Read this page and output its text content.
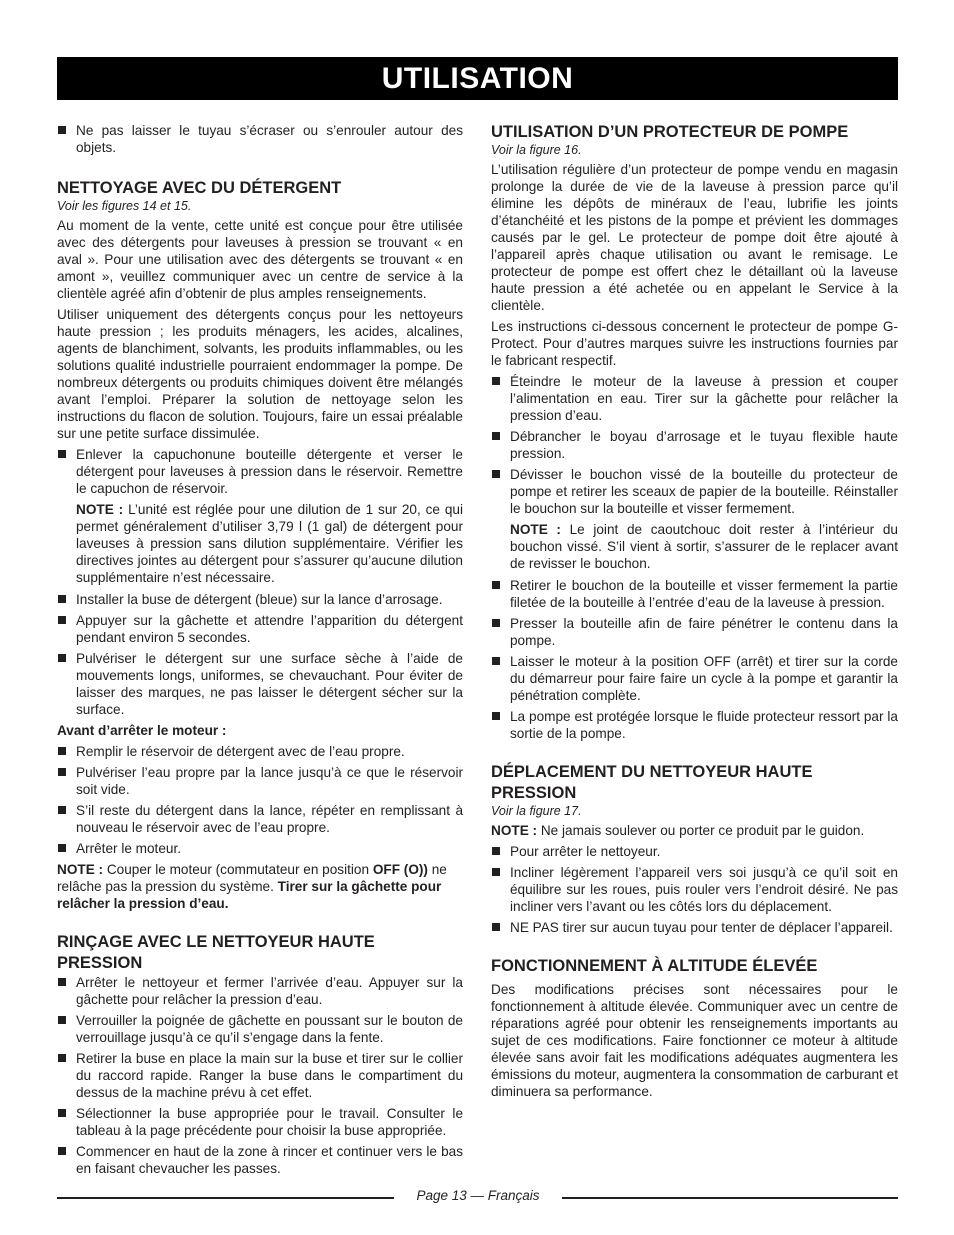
UTILISATION
Ne pas laisser le tuyau s’écraser ou s’enrouler autour des objets.
NETTOYAGE AVEC DU DÉTERGENT
Voir les figures 14 et 15.

Au moment de la vente, cette unité est conçue pour être utilisée avec des détergents pour laveuses à pression se trouvant « en aval ». Pour une utilisation avec des détergents se trouvant « en amont », veuillez communiquer avec un centre de service à la clientèle agréé afin d’obtenir de plus amples renseignements.

Utiliser uniquement des détergents conçus pour les nettoyeurs haute pression ; les produits ménagers, les acides, alcalines, agents de blanchiment, solvants, les produits inflammables, ou les solutions qualité industrielle pourraient endommager la pompe. De nombreux détergents ou produits chimiques doivent être mélangés avant l’emploi. Préparer la solution de nettoyage selon les instructions du flacon de solution. Toujours, faire un essai préalable sur une petite surface dissimulée.

Enlever la capuchonune bouteille détergente et verser le détergent pour laveuses à pression dans le réservoir. Remettre le capuchon de réservoir.

NOTE : L’unité est réglée pour une dilution de 1 sur 20, ce qui permet généralement d’utiliser 3,79 l (1 gal) de détergent pour laveuses à pression sans dilution supplémentaire. Vérifier les directives jointes au détergent pour s’assurer qu’aucune dilution supplémentaire n’est nécessaire.

Installer la buse de détergent (bleue) sur la lance d’arrosage.
Appuyer sur la gâchette et attendre l’apparition du détergent pendant environ 5 secondes.
Pulvériser le détergent sur une surface sèche à l’aide de mouvements longs, uniformes, se chevauchant. Pour éviter de laisser des marques, ne pas laisser le détergent sécher sur la surface.

Avant d’arrêter le moteur :

Remplir le réservoir de détergent avec de l’eau propre.
Pulvériser l’eau propre par la lance jusqu’à ce que le réservoir soit vide.
S’il reste du détergent dans la lance, répéter en remplissant à nouveau le réservoir avec de l’eau propre.
Arrêter le moteur.

NOTE : Couper le moteur (commutateur en position OFF (O)) ne relâche pas la pression du système. Tirer sur la gâchette pour relâcher la pression d’eau.

RINÇAGE AVEC LE NETTOYEUR HAUTE PRESSION
Arrêter le nettoyeur et fermer l’arrivée d’eau. Appuyer sur la gâchette pour relâcher la pression d’eau.
Verrouiller la poignée de gâchette en poussant sur le bouton de verrouillage jusqu’à ce qu’il s’engage dans la fente.
Retirer la buse en place la main sur la buse et tirer sur le collier du raccord rapide. Ranger la buse dans le compartiment du dessus de la machine prévu à cet effet.
Sélectionner la buse appropriée pour le travail. Consulter le tableau à la page précédente pour choisir la buse appropriée.
Commencer en haut de la zone à rincer et continuer vers le bas en faisant chevaucher les passes.
UTILISATION D’UN PROTECTEUR DE POMPE
Voir la figure 16.

L’utilisation régulière d’un protecteur de pompe vendu en magasin prolonge la durée de vie de la laveuse à pression parce qu’il élimine les dépôts de minéraux de l’eau, lubrifie les joints d’étanchéité et les pistons de la pompe et prévient les dommages causés par le gel. Le protecteur de pompe doit être ajouté à l’appareil après chaque utilisation ou avant le remisage. Le protecteur de pompe est offert chez le détaillant où la laveuse haute pression a été achetée ou en appelant le Service à la clientèle.

Les instructions ci-dessous concernent le protecteur de pompe G-Protect. Pour d’autres marques suivre les instructions fournies par le fabricant respectif.

Éteindre le moteur de la laveuse à pression et couper l’alimentation en eau. Tirer sur la gâchette pour relâcher la pression d’eau.
Débrancher le boyau d’arrosage et le tuyau flexible haute pression.
Dévisser le bouchon vissé de la bouteille du protecteur de pompe et retirer les sceaux de papier de la bouteille. Réinstaller le bouchon sur la bouteille et visser fermement.

NOTE : Le joint de caoutchouc doit rester à l’intérieur du bouchon vissé. S’il vient à sortir, s’assurer de le replacer avant de revisser le bouchon.

Retirer le bouchon de la bouteille et visser fermement la partie filetée de la bouteille à l’entrée d’eau de la laveuse à pression.
Presser la bouteille afin de faire pénétrer le contenu dans la pompe.
Laisser le moteur à la position OFF (arrêt) et tirer sur la corde du démarreur pour faire faire un cycle à la pompe et garantir la pénétration complète.
La pompe est protégée lorsque le fluide protecteur ressort par la sortie de la pompe.
DÉPLACEMENT DU NETTOYEUR HAUTE PRESSION
Voir la figure 17.

NOTE : Ne jamais soulever ou porter ce produit par le guidon.

Pour arrêter le nettoyeur.
Incliner légèrement l’appareil vers soi jusqu’à ce qu’il soit en équilibre sur les roues, puis rouler vers l’endroit désiré. Ne pas incliner vers l’avant ou les côtés lors du déplacement.
NE PAS tirer sur aucun tuyau pour tenter de déplacer l’appareil.
FONCTIONNEMENT À ALTITUDE ÉLEVÉE

Des modifications précises sont nécessaires pour le fonctionnement à altitude élevée. Communiquer avec un centre de réparations agréé pour obtenir les renseignements importants au sujet de ces modifications. Faire fonctionner ce moteur à altitude élevée sans avoir fait les modifications adéquates augmentera les émissions du moteur, augmentera la consommation de carburant et diminuera sa performance.

Page 13 — Français
